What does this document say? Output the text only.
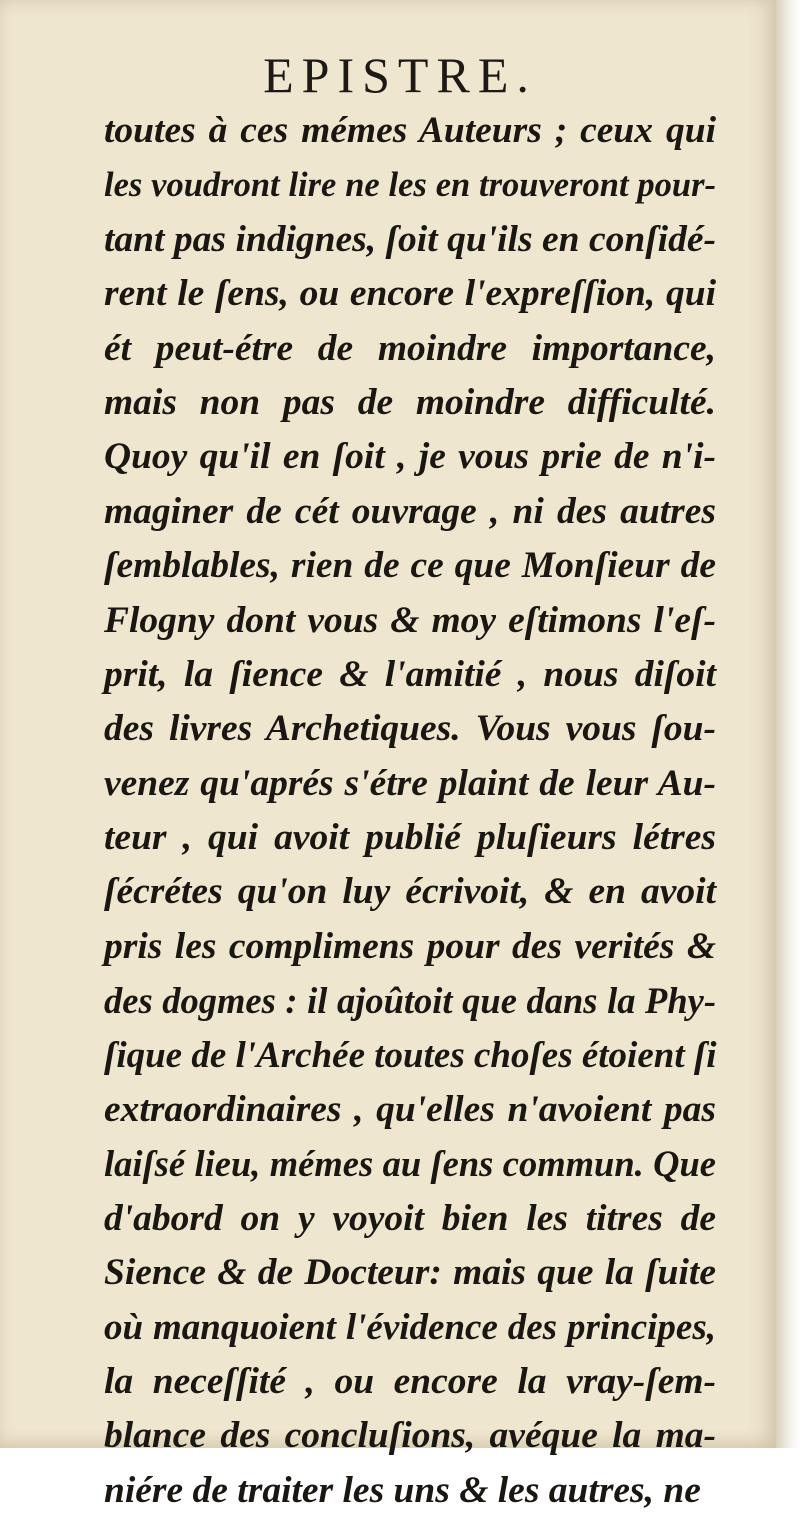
EPISTRE.
toutes à ces mémes Auteurs ; ceux qui
les voudront lire ne les en trouveront pour-
tant pas indignes, ſoit qu'ils en conſidé-
rent le ſens, ou encore l'expreſſion, qui
ét peut-étre de moindre importance,
mais non pas de moindre difficulté.
Quoy qu'il en ſoit , je vous prie de n'i-
maginer de cét ouvrage , ni des autres
ſemblables, rien de ce que Monſieur de
Flogny dont vous & moy eſtimons l'eſ-
prit, la ſience & l'amitié , nous diſoit
des livres Archetiques. Vous vous ſou-
venez qu'aprés s'étre plaint de leur Au-
teur , qui avoit publié pluſieurs létres
ſécrétes qu'on luy écrivoit, & en avoit
pris les complimens pour des verités &
des dogmes : il ajoûtoit que dans la Phy-
ſique de l'Archée toutes choſes étoient ſi
extraordinaires , qu'elles n'avoient pas
laiſsé lieu, mémes au ſens commun. Que
d'abord on y voyoit bien les titres de
Sience & de Docteur: mais que la ſuite
où manquoient l'évidence des principes,
la neceſſité , ou encore la vray-ſem-
blance des concluſions, avéque la ma-
niére de traiter les uns & les autres, ne
